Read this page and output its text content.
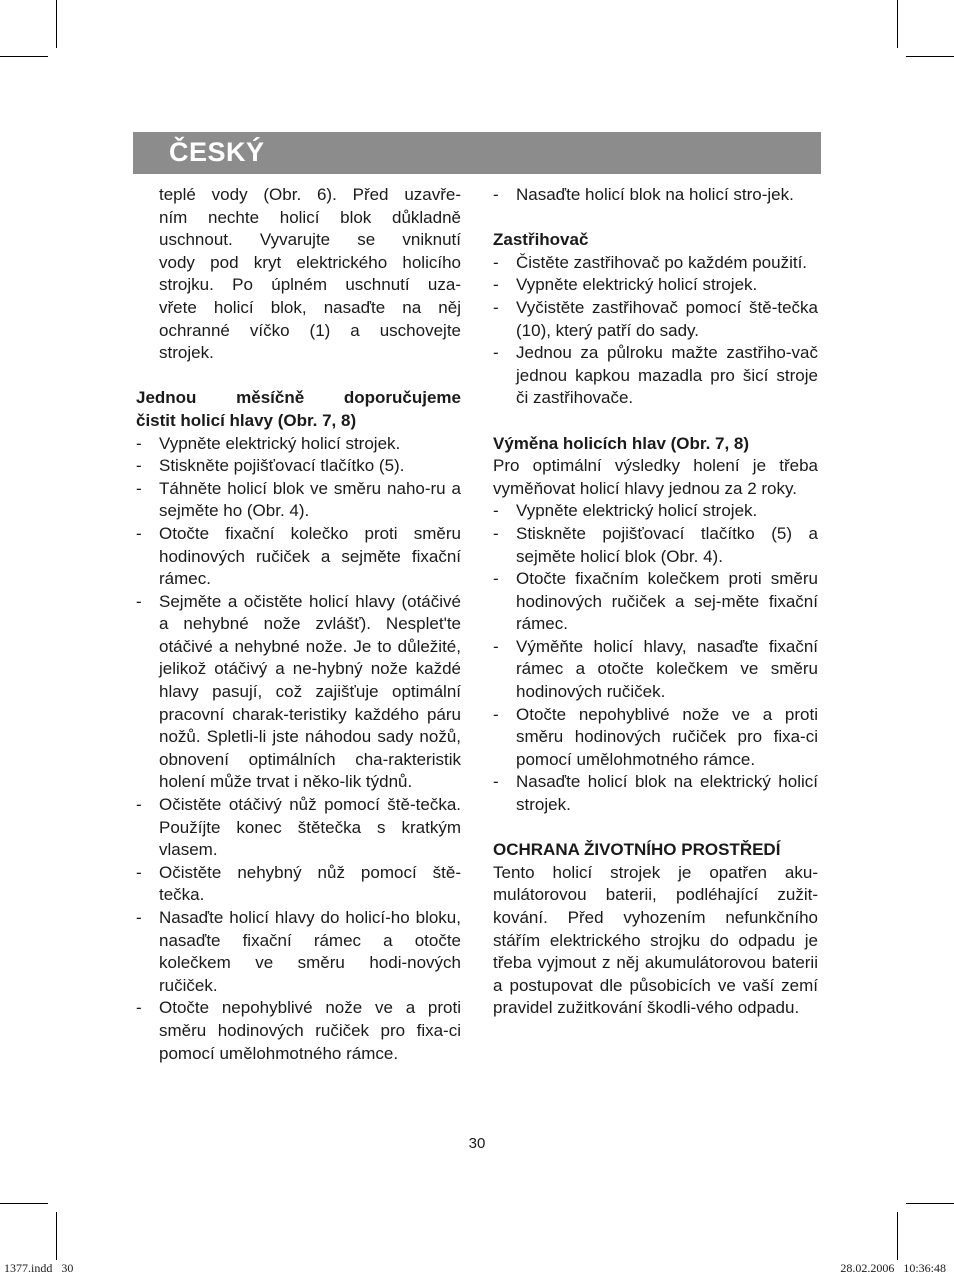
ČESKÝ
teplé vody (Obr. 6). Před uzavře-
ním nechte holicí blok důkladně
uschnout. Vyvarujte se vniknutí
vody pod kryt elektrického holicího
strojku. Po úplném uschnutí uza-
vřete holicí blok, nasaďte na něj
ochranné víčko (1) a uschovejte
strojek.
Jednou měsíčně doporučujeme
čistit holicí hlavy (Obr. 7, 8)
- Vypněte elektrický holicí strojek.
- Stiskněte pojišťovací tlačítko (5).
- Táhněte holicí blok ve směru naho-ru a sejměte ho (Obr. 4).
- Otočte fixační kolečko proti směru hodinových ručiček a sejměte fixační rámec.
- Sejměte a očistěte holicí hlavy (otáčivé a nehybné nože zvlášť). Nesplet'te otáčivé a nehybné nože. Je to důležité, jelikož otáčivý a ne-hybný nože každé hlavy pasují, což zajišťuje optimální pracovní charak-teristiky každého páru nožů. Spletli-li jste náhodou sady nožů, obnovení optimálních cha-rakteristik holení může trvat i něko-lik týdnů.
- Očistěte otáčivý nůž pomocí ště-tečka. Použíjte konec štětečka s kratkým vlasem.
- Očistěte nehybný nůž pomocí ště-tečka.
- Nasaďte holicí hlavy do holicí-ho bloku, nasaďte fixační rámec a otočte kolečkem ve směru hodi-nových ručiček.
- Otočte nepohyblivé nože ve a proti směru hodinových ručiček pro fixa-ci pomocí umělohmotného rámce.
- Nasaďte holicí blok na holicí stro-jek.
Zastřihovač
- Čistěte zastřihovač po každém použití.
- Vypněte elektrický holicí strojek.
- Vyčistěte zastřihovač pomocí ště-tečka (10), který patří do sady.
- Jednou za půlroku mažte zastřiho-vač jednou kapkou mazadla pro šicí stroje či zastřihovače.
Výměna holicích hlav (Obr. 7, 8)

Pro optimální výsledky holení je třeba vyměňovat holicí hlavy jednou za 2 roky.

- Vypněte elektrický holicí strojek.
- Stiskněte pojišťovací tlačítko (5) a sejměte holicí blok (Obr. 4).
- Otočte fixačním kolečkem proti směru hodinových ručiček a sej-měte fixační rámec.
- Výměňte holicí hlavy, nasaďte fixační rámec a otočte kolečkem ve směru hodinových ručiček.
- Otočte nepohyblivé nože ve a proti směru hodinových ručiček pro fixa-ci pomocí umělohmotného rámce.
- Nasaďte holicí blok na elektrický holicí strojek.
OCHRANA ŽIVOTNÍHO PROSTŘEDÍ

Tento holicí strojek je opatřen aku-mulátorovou baterii, podléhající zužit-kování. Před vyhozením nefunkčního stářím elektrického strojku do odpadu je třeba vyjmout z něj akumulátorovou baterii a postupovat dle působicích ve vaší zemí pravidel zužitkování škodli-vého odpadu.

30
1377.indd   30	28.02.2006   10:36:48
